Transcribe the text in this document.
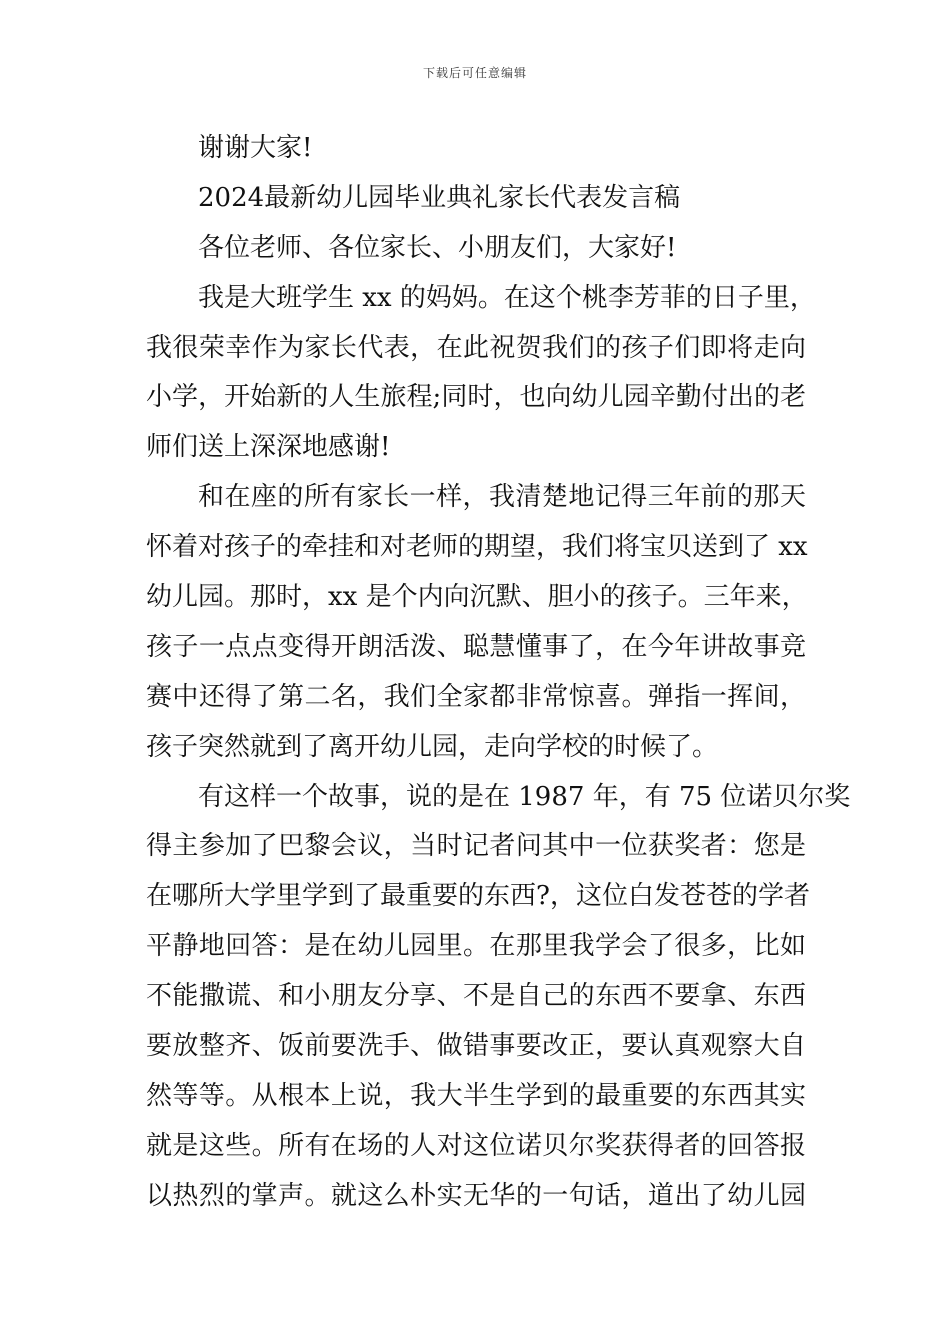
下载后可任意编辑
谢谢大家!
2024最新幼儿园毕业典礼家长代表发言稿
各位老师、各位家长、小朋友们，大家好!
我是大班学生 xx 的妈妈。在这个桃李芳菲的日子里，
我很荣幸作为家长代表，在此祝贺我们的孩子们即将走向
小学，开始新的人生旅程;同时，也向幼儿园辛勤付出的老
师们送上深深地感谢!
和在座的所有家长一样，我清楚地记得三年前的那天
怀着对孩子的牵挂和对老师的期望，我们将宝贝送到了 xx
幼儿园。那时，xx 是个内向沉默、胆小的孩子。三年来，
孩子一点点变得开朗活泼、聪慧懂事了，在今年讲故事竞
赛中还得了第二名，我们全家都非常惊喜。弹指一挥间，
孩子突然就到了离开幼儿园，走向学校的时候了。
有这样一个故事，说的是在 1987 年，有 75 位诺贝尔奖
得主参加了巴黎会议，当时记者问其中一位获奖者：您是
在哪所大学里学到了最重要的东西?，这位白发苍苍的学者
平静地回答：是在幼儿园里。在那里我学会了很多，比如
不能撒谎、和小朋友分享、不是自己的东西不要拿、东西
要放整齐、饭前要洗手、做错事要改正，要认真观察大自
然等等。从根本上说，我大半生学到的最重要的东西其实
就是这些。所有在场的人对这位诺贝尔奖获得者的回答报
以热烈的掌声。就这么朴实无华的一句话，道出了幼儿园
